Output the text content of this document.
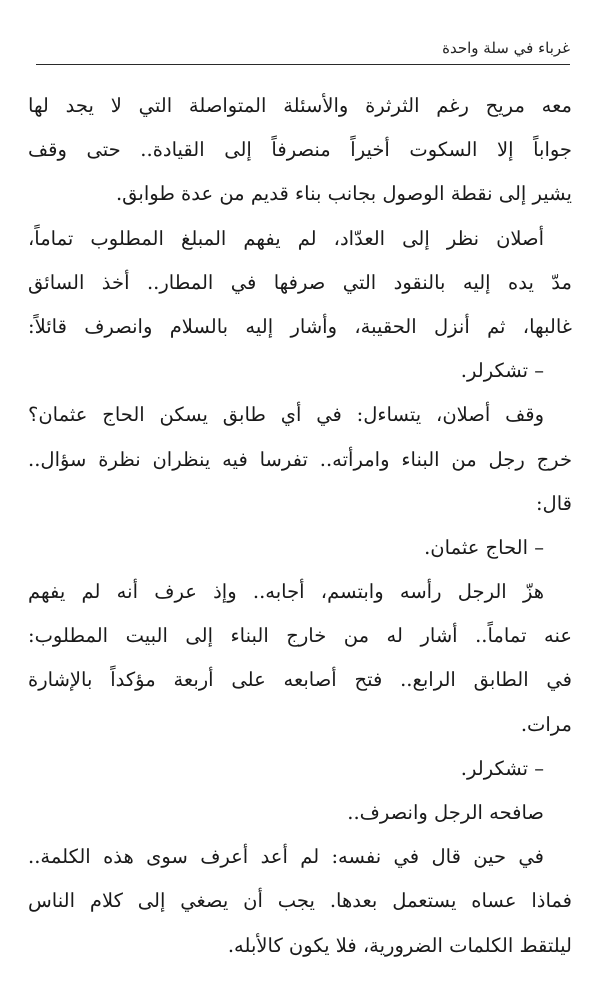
غرباء في سلة واحدة
معه مريح رغم الثرثرة والأسئلة المتواصلة التي لا يجد لها
جواباً إلا السكوت أخيراً منصرفاً إلى القيادة.. حتى وقف
يشير إلى نقطة الوصول بجانب بناء قديم من عدة طوابق.
أصلان نظر إلى العدّاد، لم يفهم المبلغ المطلوب تماماً،
مدّ يده إليه بالنقود التي صرفها في المطار.. أخذ السائق
غالبها، ثم أنزل الحقيبة، وأشار إليه بالسلام وانصرف قائلاً:
– تشكرلر.
وقف أصلان، يتساءل: في أي طابق يسكن الحاج عثمان؟
خرج رجل من البناء وامرأته.. تفرسا فيه ينظران نظرة سؤال..
قال:
– الحاج عثمان.
هزّ الرجل رأسه وابتسم، أجابه.. وإذ عرف أنه لم يفهم
عنه تماماً.. أشار له من خارج البناء إلى البيت المطلوب:
في الطابق الرابع.. فتح أصابعه على أربعة مؤكداً بالإشارة
مرات.
– تشكرلر.
صافحه الرجل وانصرف..
في حين قال في نفسه: لم أعد أعرف سوى هذه الكلمة..
فماذا عساه يستعمل بعدها. يجب أن يصغي إلى كلام الناس
ليلتقط الكلمات الضرورية، فلا يكون كالأبله.
